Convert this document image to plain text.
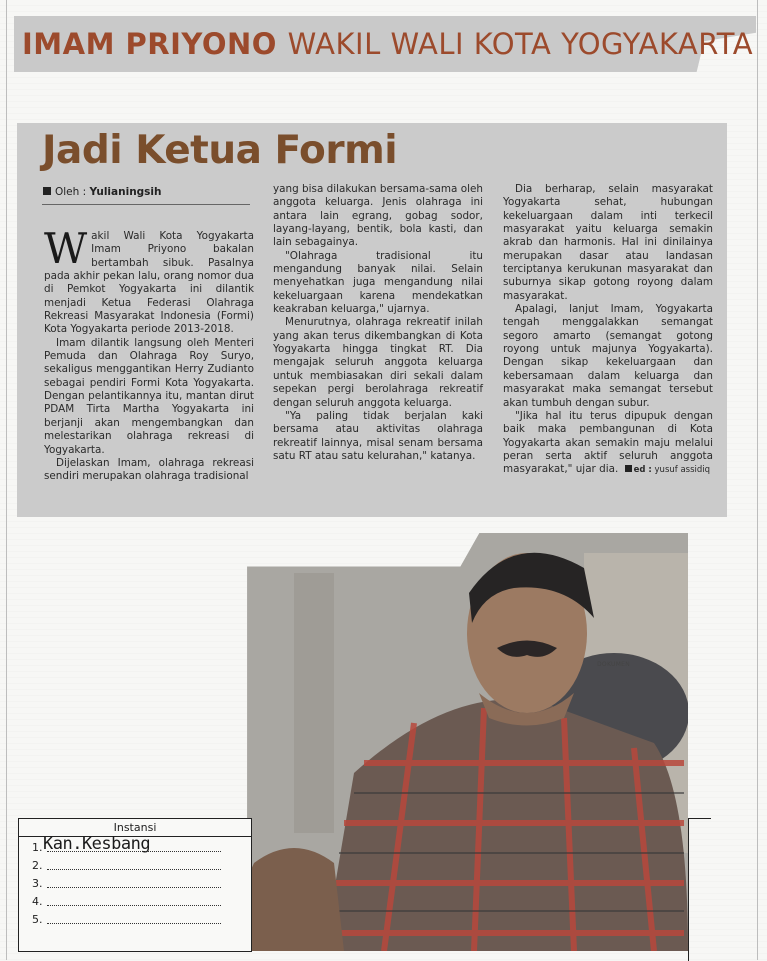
IMAM PRIYONO WAKIL WALI KOTA YOGYAKARTA
Jadi Ketua Formi
Oleh : Yulianingsih

Wakil Wali Kota Yogyakarta Imam Priyono bakalan bertambah sibuk. Pasalnya pada akhir pekan lalu, orang nomor dua di Pemkot Yogyakarta ini dilantik menjadi Ketua Federasi Olahraga Rekreasi Masyarakat Indonesia (Formi) Kota Yogyakarta periode 2013-2018.

Imam dilantik langsung oleh Menteri Pemuda dan Olahraga Roy Suryo, sekaligus menggantikan Herry Zudianto sebagai pendiri Formi Kota Yogyakarta. Dengan pelantikannya itu, mantan dirut PDAM Tirta Martha Yogyakarta ini berjanji akan mengembangkan dan melestarikan olahraga rekreasi di Yogyakarta.

Dijelaskan Imam, olahraga rekreasi sendiri merupakan olahraga tradisional

yang bisa dilakukan bersama-sama oleh anggota keluarga. Jenis olahraga ini antara lain egrang, gobag sodor, layang-layang, bentik, bola kasti, dan lain sebagainya.

"Olahraga tradisional itu mengandung banyak nilai. Selain menyehatkan juga mengandung nilai kekeluargaan karena mendekatkan keakraban keluarga," ujarnya.

Menurutnya, olahraga rekreatif inilah yang akan terus dikembangkan di Kota Yogyakarta hingga tingkat RT. Dia mengajak seluruh anggota keluarga untuk membiasakan diri sekali dalam sepekan pergi berolahraga rekreatif dengan seluruh anggota keluarga.

"Ya paling tidak berjalan kaki bersama atau aktivitas olahraga rekreatif lainnya, misal senam bersama satu RT atau satu kelurahan," katanya.

Dia berharap, selain masyarakat Yogyakarta sehat, hubungan kekeluargaan dalam inti terkecil masyarakat yaitu keluarga semakin akrab dan harmonis. Hal ini dinilainya merupakan dasar atau landasan terciptanya kerukunan masyarakat dan suburnya sikap gotong royong dalam masyarakat.

Apalagi, lanjut Imam, Yogyakarta tengah menggalakkan semangat segoro amarto (semangat gotong royong untuk majunya Yogyakarta). Dengan sikap kekeluargaan dan kebersamaan dalam keluarga dan masyarakat maka semangat tersebut akan tumbuh dengan subur.

"Jika hal itu terus dipupuk dengan baik maka pembangunan di Kota Yogyakarta akan semakin maju melalui peran serta aktif seluruh anggota masyarakat," ujar dia. ed : yusuf assidiq

DOKUMEN
Instansi
1. Kan.Kesbang
2.
3.
4.
5.
